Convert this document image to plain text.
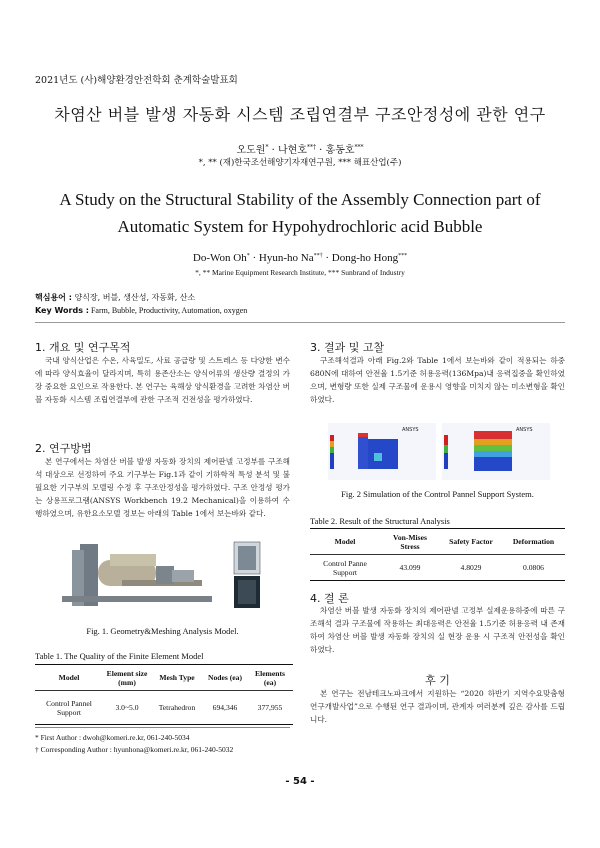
2021년도 (사)해양환경안전학회 춘계학술발표회
차염산 버블 발생 자동화 시스템 조립연결부 구조안정성에 관한 연구
오도원* · 나현호**† · 홍동호***
*, ** (재)한국조선해양기자재연구원, *** 해표산업(주)
A Study on the Structural Stability of the Assembly Connection part of
Automatic System for Hypohydrochloric acid Bubble
Do-Won Oh* · Hyun-ho Na**† · Dong-ho Hong***
*, ** Marine Equipment Research Institute, *** Sunbrand of Industry
핵심용어 : 양식장, 버블, 생산성, 자동화, 산소
Key Words : Farm, Bubble, Productivity, Automation, oxygen
1. 개요 및 연구목적

국내 양식산업은 수온, 사육밀도, 사료 공급량 및 스트레스 등 다양한 변수에 따라 양식효율이 달라지며, 특히 용존산소는 양식어류의 생산량 결정의 가장 중요한 요인으로 작용한다. 본 연구는 육해상 양식환경을 고려한 차염산 버블 자동화 시스템 조립연결부에 관한 구조적 건전성을 평가하였다.

2. 연구방법

본 연구에서는 차염산 버블 발생 자동화 장치의 제어판넬 고정부를 구조해석 대상으로 선정하여 주요 기구부는 Fig.1과 같이 기하학적 특성 분석 및 불필요한 기구부의 모델링 수정 후 구조안정성을 평가하였다. 구조 안정성 평가는 상용프로그램(ANSYS Workbench 19.2 Mechanical)을 이용하여 수행하였으며, 유한요소모델 정보는 아래의 Table 1에서 보는바와 같다.

Fig. 1. Geometry&Meshing Analysis Model.
Table 1. The Quality of the Finite Element Model
Model	Element size (mm)	Mesh Type	Nodes (ea)	Elements (ea)
Control Pannel Support	3.0~5.0	Tetrahedron	694,346	377,955
* First Author : dwoh@komeri.re.kr, 061-240-5034
† Corresponding Author : hyunhona@komeri.re.kr, 061-240-5032
3. 결과 및 고찰

구조해석결과 아래 Fig.2와 Table 1에서 보는바와 같이 적용되는 하중 680N에 대하여 안전율 1.5기준 허용응력(136Mpa)내 응력집중을 확인하였으며, 변형량 또한 실제 구조물에 운용시 영향을 미치지 않는 미소변형을 확인하였다.

ANSYS	ANSYS
Fig. 2 Simulation of the Control Pannel Support System.
Table 2. Result of the Structural Analysis
Model	Von-Mises Stress	Safety Factor	Deformation
Control Panne Support	43.099	4.8029	0.0806
4. 결 론

차염산 버블 발생 자동화 장치의 제어판넬 고정부 실제운용하중에 따른 구조해석 결과 구조물에 작용하는 최대응력은 안전율 1.5기준 허용응력 내 존재하여 차염산 버블 발생 자동화 장치의 실 현장 운용 시 구조적 안전성을 확인하였다.

후 기

본 연구는 전남테크노파크에서 지원하는 “2020 하반기 지역수요맞춤형 연구개발사업”으로 수행된 연구 결과이며, 관계자 여러분께 깊은 감사를 드립니다.

- 54 -
